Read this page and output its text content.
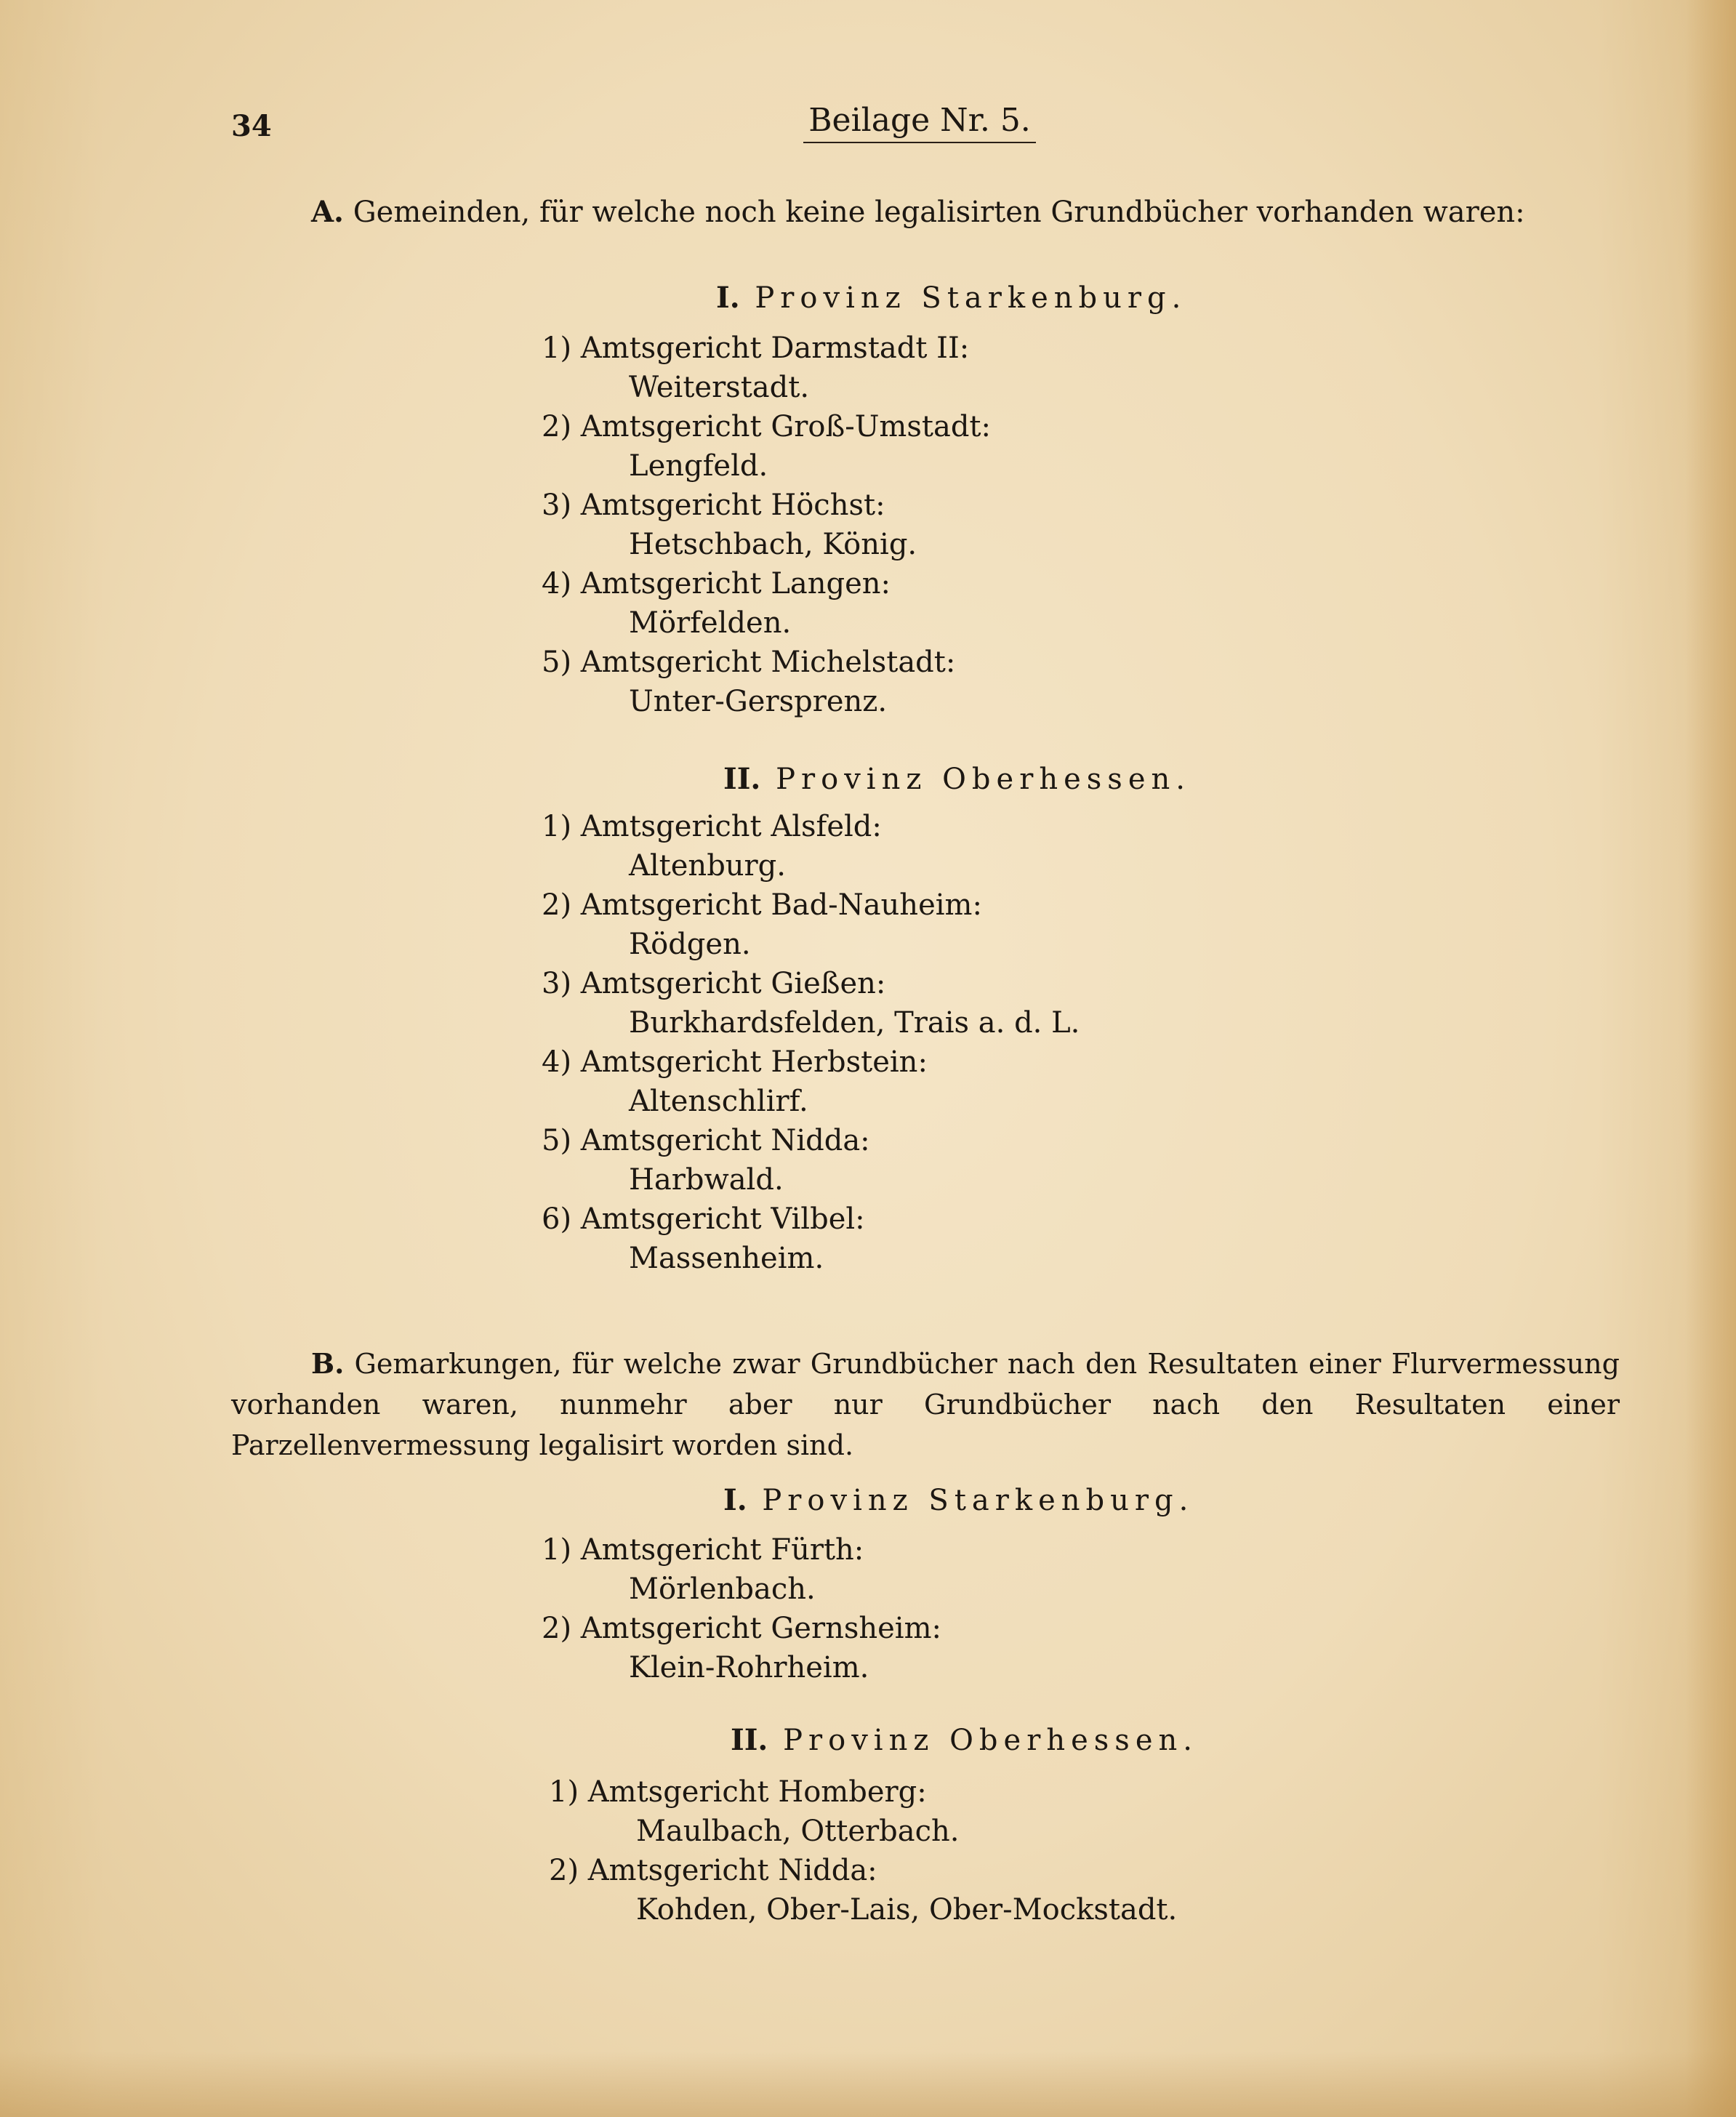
34	Beilage Nr. 5.
A. Gemeinden, für welche noch keine legalisirten Grundbücher vorhanden waren:
I. Provinz Starkenburg.
1) Amtsgericht Darmstadt II:
Weiterstadt.
2) Amtsgericht Groß-Umstadt:
Lengfeld.
3) Amtsgericht Höchst:
Hetschbach, König.
4) Amtsgericht Langen:
Mörfelden.
5) Amtsgericht Michelstadt:
Unter-Gersprenz.
II. Provinz Oberhessen.
1) Amtsgericht Alsfeld:
Altenburg.
2) Amtsgericht Bad-Nauheim:
Rödgen.
3) Amtsgericht Gießen:
Burkhardsfelden, Trais a. d. L.
4) Amtsgericht Herbstein:
Altenschlirf.
5) Amtsgericht Nidda:
Harbwald.
6) Amtsgericht Vilbel:
Massenheim.
B. Gemarkungen, für welche zwar Grundbücher nach den Resultaten einer Flurvermessung vorhanden waren, nunmehr aber nur Grundbücher nach den Resultaten einer Parzellenvermessung legalisirt worden sind.
I. Provinz Starkenburg.
1) Amtsgericht Fürth:
Mörlenbach.
2) Amtsgericht Gernsheim:
Klein-Rohrheim.
II. Provinz Oberhessen.
1) Amtsgericht Homberg:
Maulbach, Otterbach.
2) Amtsgericht Nidda:
Kohden, Ober-Lais, Ober-Mockstadt.
